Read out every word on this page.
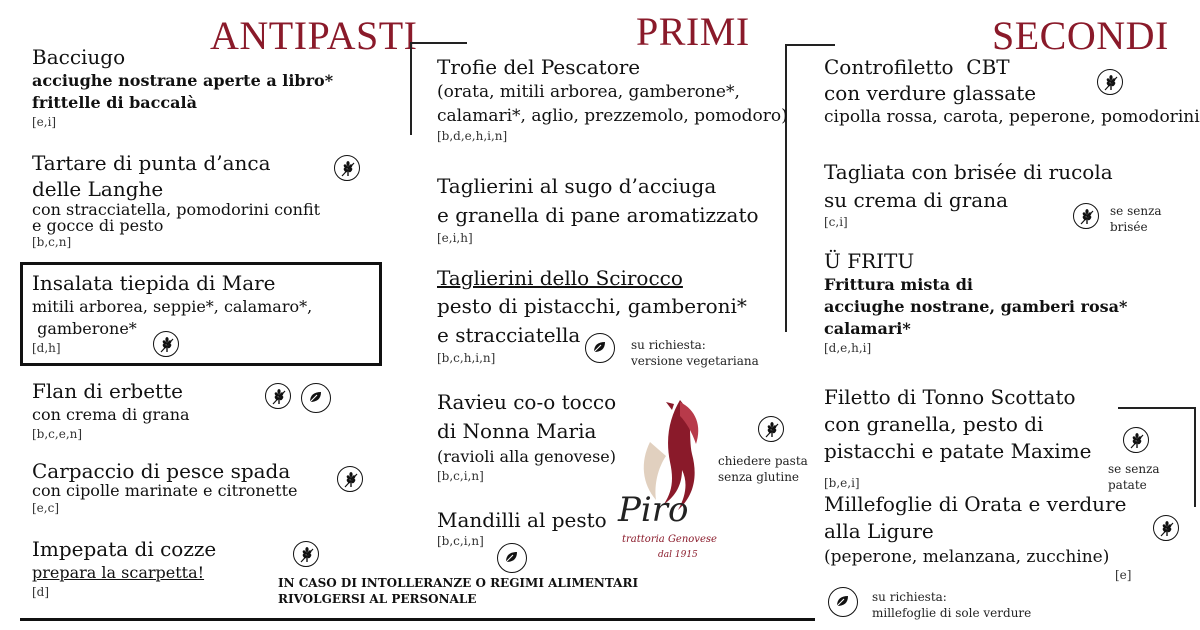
ANTIPASTI	PRIMI	SECONDI
Bacciugo
acciughe nostrane aperte a libro*
frittelle di baccalà
[e,i]
Tartare di punta d’anca
delle Langhe
con stracciatella, pomodorini confit
e gocce di pesto
[b,c,n]
Insalata tiepida di Mare
mitili arborea, seppie*, calamaro*,
gamberone*
[d,h]
Flan di erbette
con crema di grana
[b,c,e,n]
Carpaccio di pesce spada
con cipolle marinate e citronette
[e,c]
Impepata di cozze
prepara la scarpetta!
[d]
IN CASO DI INTOLLERANZE O REGIMI ALIMENTARI
RIVOLGERSI AL PERSONALE
Trofie del Pescatore
(orata, mitili arborea, gamberone*,
calamari*, aglio, prezzemolo, pomodoro)
[b,d,e,h,i,n]
Taglierini al sugo d’acciuga
e granella di pane aromatizzato
[e,i,h]
Taglierini dello Scirocco
pesto di pistacchi, gamberoni*
e stracciatella
[b,c,h,i,n]
su richiesta:
versione vegetariana
Ravieu co-o tocco
di Nonna Maria
(ravioli alla genovese)
[b,c,i,n]
chiedere pasta
senza glutine
Mandilli al pesto
[b,c,i,n]
Piro
trattoria Genovese
dal 1915
Controfiletto  CBT
con verdure glassate
cipolla rossa, carota, peperone, pomodorini
Tagliata con brisée di rucola
su crema di grana
[c,i]
se senza
brisée
Ü FRITU
Frittura mista di
acciughe nostrane, gamberi rosa*
calamari*
[d,e,h,i]
Filetto di Tonno Scottato
con granella, pesto di
pistacchi e patate Maxime
[b,e,i]
se senza
patate
Millefoglie di Orata e verdure
alla Ligure
(peperone, melanzana, zucchine)
[e]
su richiesta:
millefoglie di sole verdure
